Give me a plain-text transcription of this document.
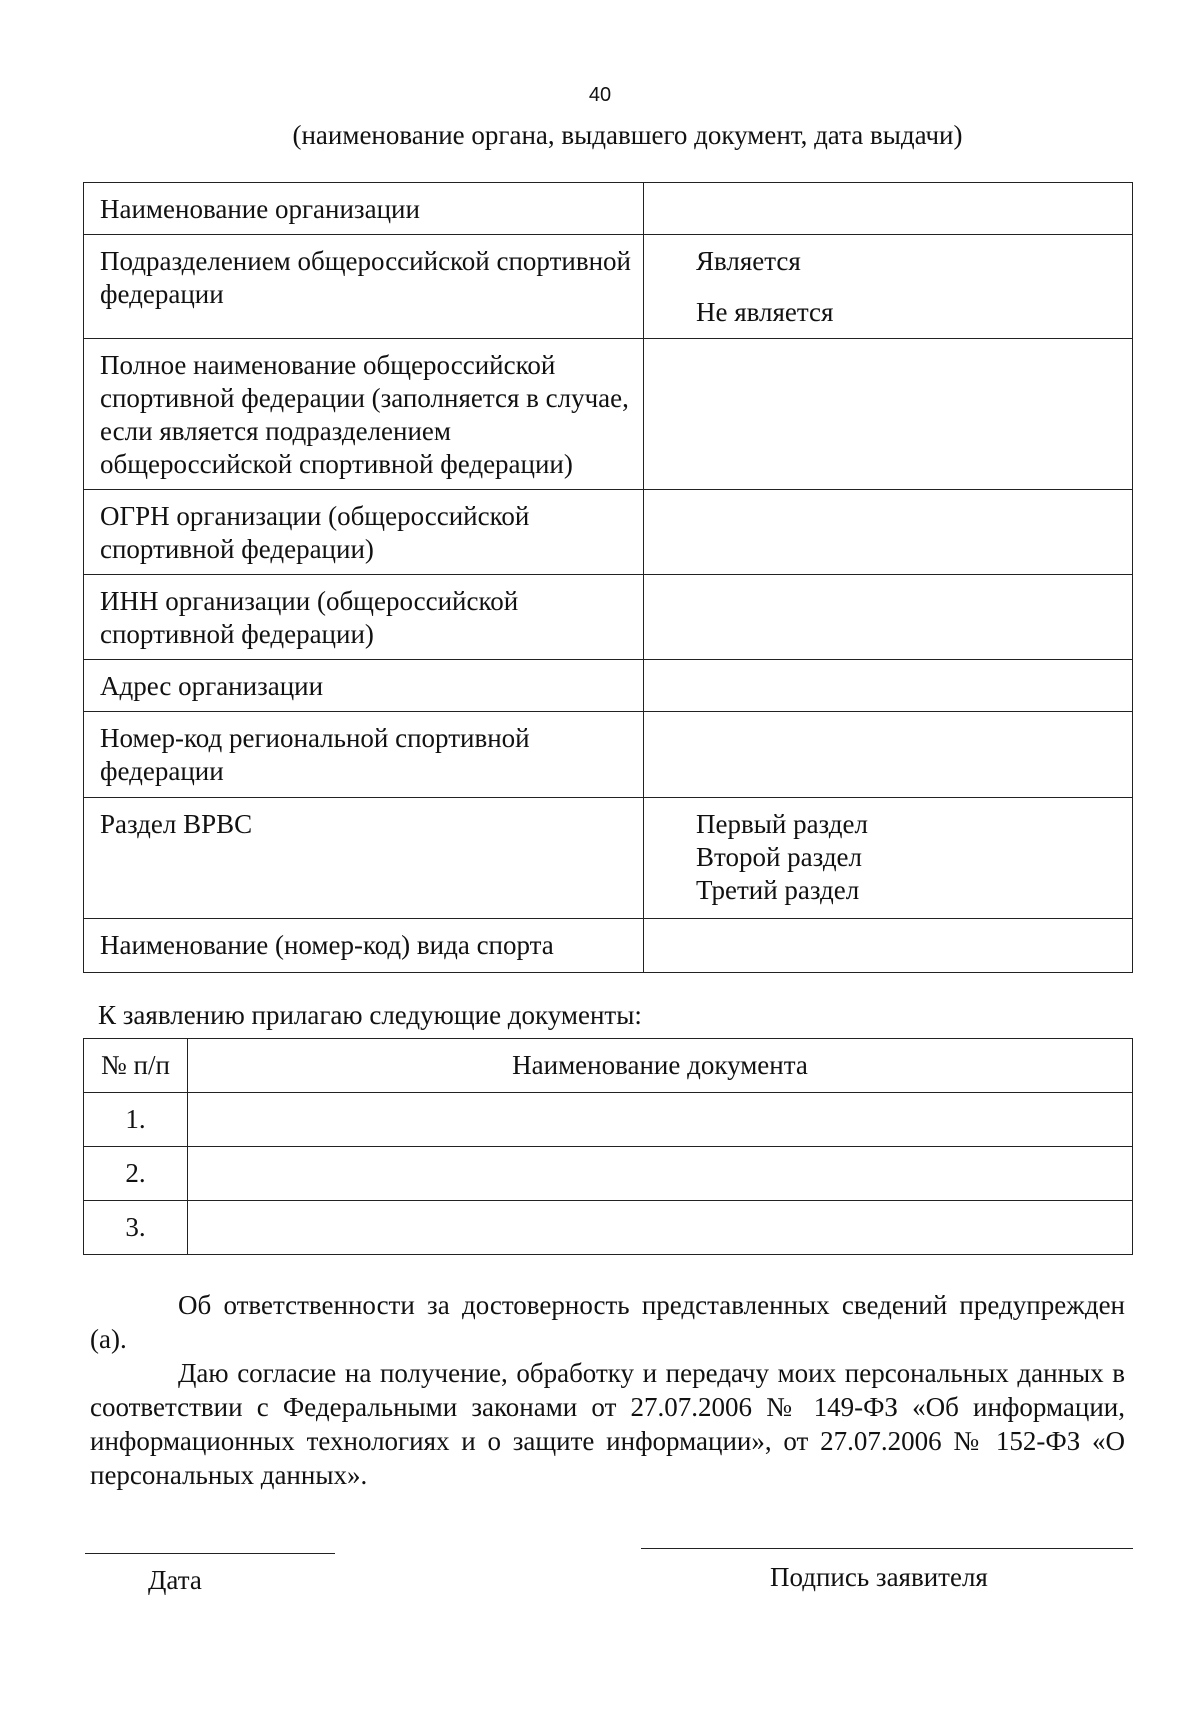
40
(наименование органа, выдавшего документ, дата выдачи)
Наименование организации	
Подразделением общероссийской спортивной федерации	Является
Не является

Полное наименование общероссийской спортивной федерации (заполняется в случае, если является подразделением общероссийской спортивной федерации)	
ОГРН организации (общероссийской спортивной федерации)	
ИНН организации (общероссийской спортивной федерации)	
Адрес организации	
Номер-код региональной спортивной федерации	
Раздел ВРВС	Первый раздел
Второй раздел
Третий раздел

Наименование (номер-код) вида спорта	
К заявлению прилагаю следующие документы:
№ п/п	Наименование документа
1.	
2.	
3.	

Об ответственности за достоверность представленных сведений предупрежден (а).

Даю согласие на получение, обработку и передачу моих персональных данных в соответствии с Федеральными законами от 27.07.2006 № 149-ФЗ «Об информации, информационных технологиях и о защите информации», от 27.07.2006 № 152-ФЗ «О персональных данных».

Дата	Подпись заявителя
